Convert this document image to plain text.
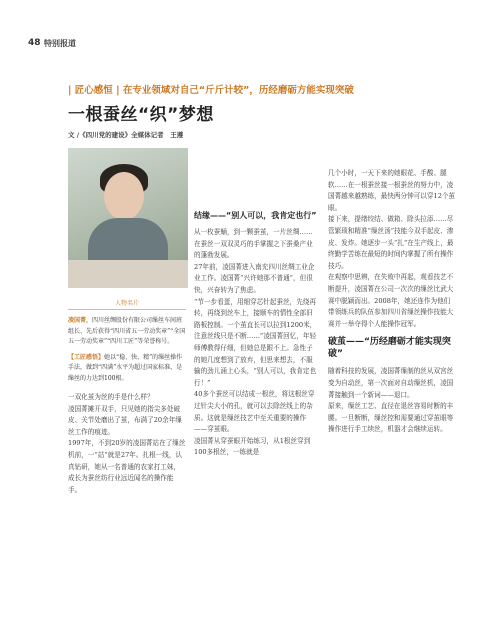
48 特别报道
| 匠心感恒 | 在专业领域对自己“斤斤计较”，历经磨砺方能实现突破
一根蚕丝“织”梦想
文 /《四川党的建设》全媒体记者　王遵
人物名片

凌国菁，四川丝绸股份有限公司缫丝车间班组长、先后获得“四川省五一劳动奖章”“全国五一劳动奖章”“四川工匠”等荣誉称号。

【工匠感悟】她以“稳、快、精”的缫丝操作手法，做到“四满”水平为超过国家标准，是缫丝的力达到100根。

一双化茧为丝的手是什么样？

凌国菁摊开双手，只见她的指尖多处破皮、关节处磨出了茧，布满了20余年缫丝工作的痕迹。

1997年，不到20岁的凌国菁站在了缫丝机前，一“站”就是27年。扎根一线，认真钻研，她从一名普通的农家打工妹，成长为蚕丝纺行业远近闻名的操作能手。

结缘——“别人可以，我肯定也行”

从一枚蚕蛹，到一颗蚕茧，一片丝绸……在蚕丝一双双灵巧的手掌握之下蚕桑产业的蓬勃发展。

27年前，凌国菁进入南充四川丝绸工业企业工作。凌国菁“兴许她那不普通”，但很快，兴奋转为了焦虑。

“节一步看蛋，用细穿芯针起蚕丝，先绕再转，再绕到丝车上，接顺车的情性全部旧路板控制。一个茧直长可以拉到1200米，注意丝线只是不断……”凌国菁回忆，年轻师傅教得仔细，但她总是跟不上。急性子的她几度想到了放弃，但思来想去，不服输的劲儿涌上心头，“别人可以，我肯定也行！”

40多个蚕丝可以结成一根丝，将这根丝穿过针尖大小的孔，就可以去除丝线上的杂质。这就是缫丝技艺中至关重要的操作——穿茧眼。

凌国菁从穿蚕眼开始练习，从1根丝穿到100多根丝，一练就是

几个小时，一天下来的她眼花、手酸、腿软……在一根蚕丝接一根蚕丝的努力中，凌国菁越来越熟练，最快两分钟可以穿12个茧眼。

接下来，提绪绞结、做箱、除头拉添……尽管繁琐和精准“缫丝汤”技能今双手起皮、渗皮、发炸。她逐步一头“扎”在生产线上，最终勤学苦练在最短的时间内掌握了所有操作技巧。

在观察中思辨，在失败中再起，观看技艺不断提升，凌国菁在公司一次次的缫丝比武大赛中脱颖而出。2008年，她还连作为他们带领练兵的队伍参加四川省缫丝操作技能大赛并一举夺得个人能操作冠军。

破茧——“历经磨砺才能实现突破”

随着科技的发展，凌国菁缫制的丝从双宫丝变为自动丝，第一次面对自动缫丝机，凌国菁接触到一个新词——退口。

原来，缫丝工艺、直径在退丝容易时断的丰腰。一旦断断，缫丝控和需要通过穿茧眼等操作进行手工续丝，机器才会继续运转。
